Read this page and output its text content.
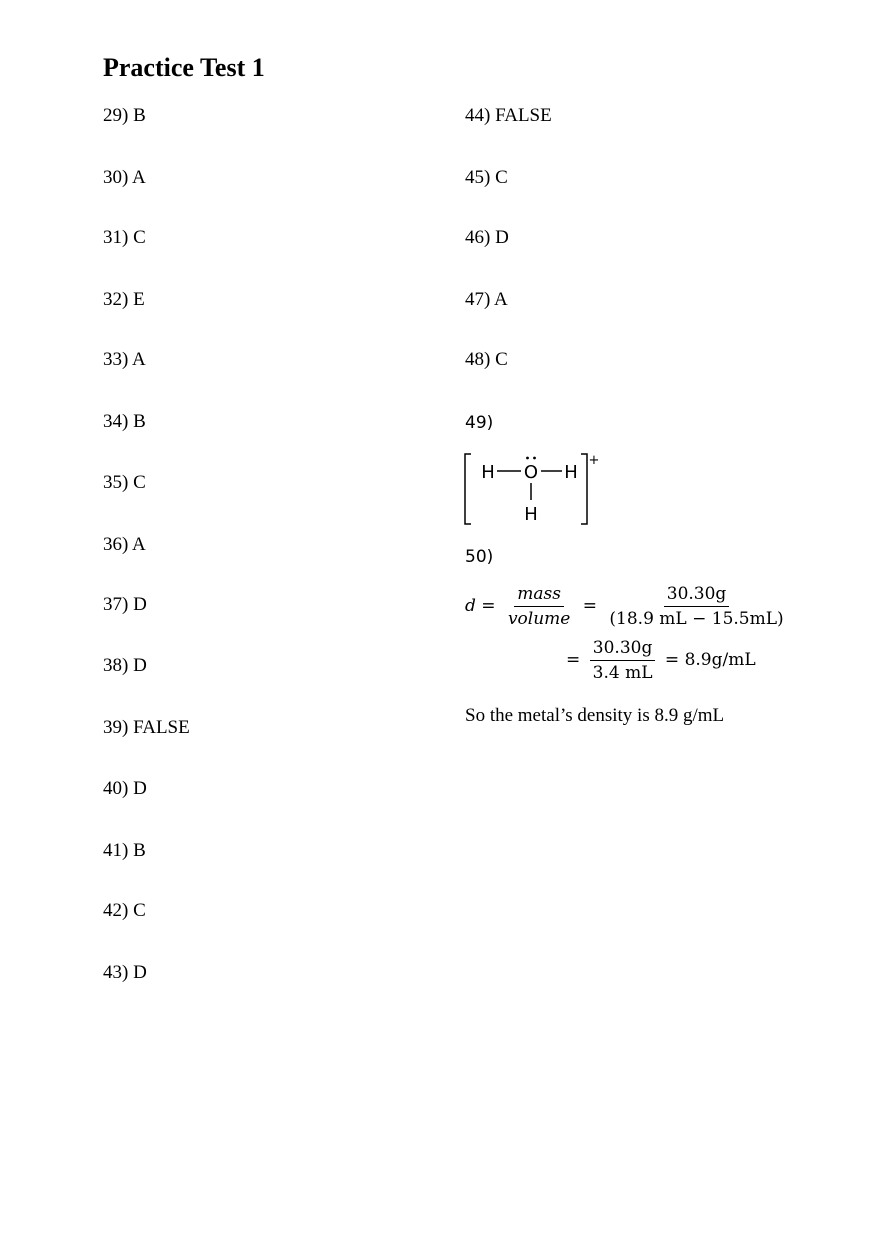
Practice Test 1
29) B
30) A
31) C
32) E
33) A
34) B
35) C
36) A
37) D
38) D
39) FALSE
40) D
41) B
42) C
43) D
44) FALSE
45) C
46) D
47) A
48) C
49)
H O H
H
+
50)
$d = \frac{\text{mass}}{\text{volume}} = \frac{30.30g}{(18.9 mL - 15.5mL)}$
= $\frac{30.30g}{3.4 mL} = 8.9g/mL$
So the metal’s density is 8.9 g/mL
